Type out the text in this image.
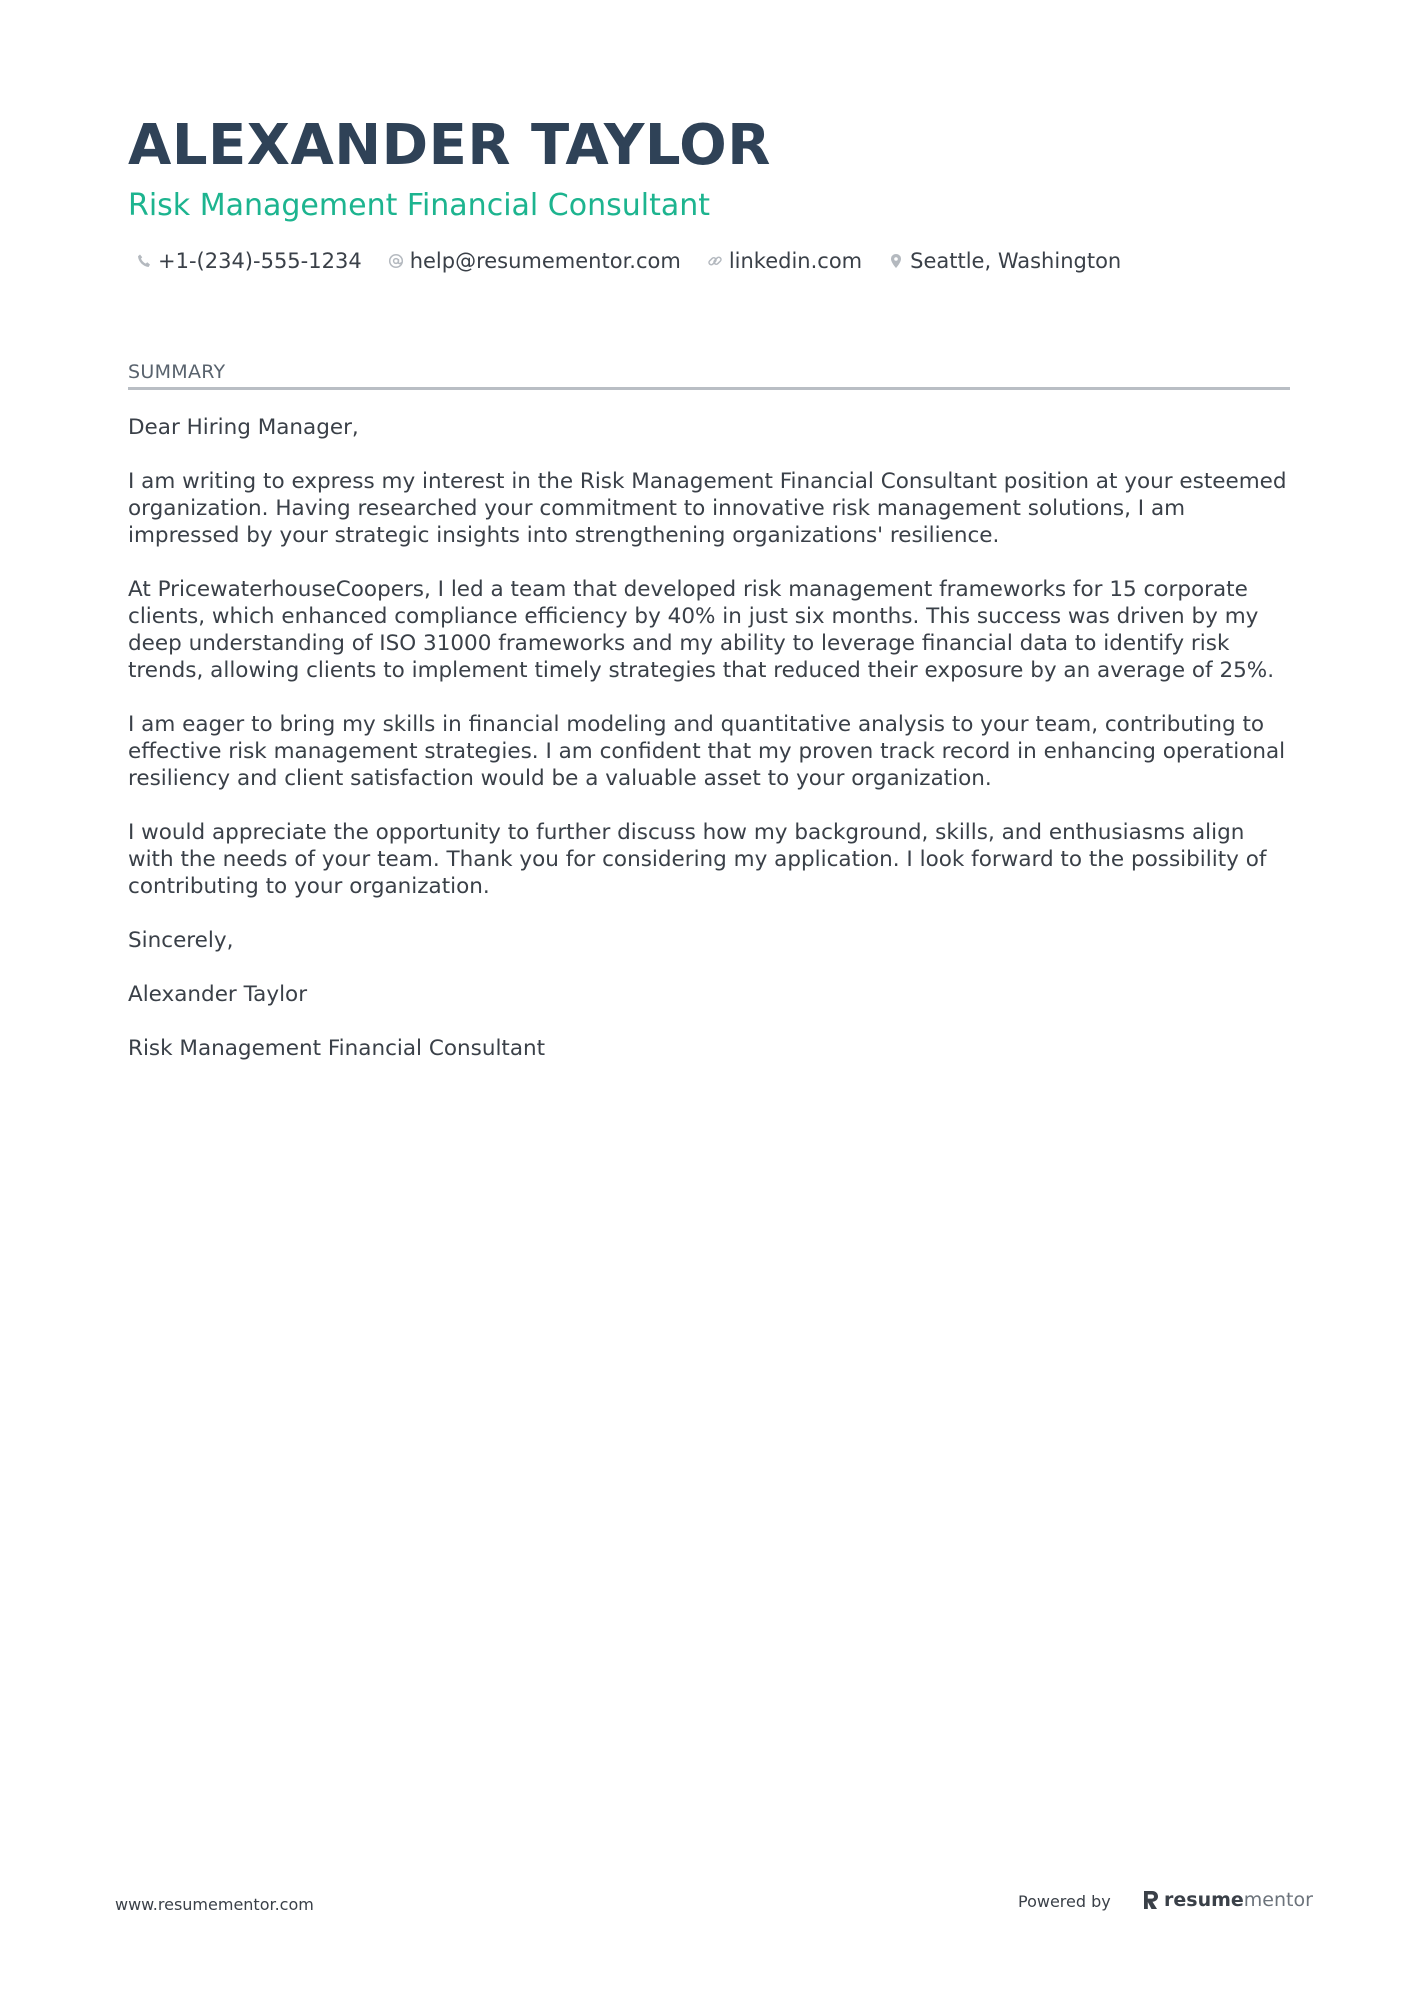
ALEXANDER TAYLOR
Risk Management Financial Consultant
+1-(234)-555-1234 help@resumementor.com linkedin.com Seattle, Washington
SUMMARY

Dear Hiring Manager,

I am writing to express my interest in the Risk Management Financial Consultant position at your esteemed organization. Having researched your commitment to innovative risk management solutions, I am impressed by your strategic insights into strengthening organizations' resilience.

At PricewaterhouseCoopers, I led a team that developed risk management frameworks for 15 corporate clients, which enhanced compliance efficiency by 40% in just six months. This success was driven by my deep understanding of ISO 31000 frameworks and my ability to leverage financial data to identify risk trends, allowing clients to implement timely strategies that reduced their exposure by an average of 25%.

I am eager to bring my skills in financial modeling and quantitative analysis to your team, contributing to effective risk management strategies. I am confident that my proven track record in enhancing operational resiliency and client satisfaction would be a valuable asset to your organization.

I would appreciate the opportunity to further discuss how my background, skills, and enthusiasms align with the needs of your team. Thank you for considering my application. I look forward to the possibility of contributing to your organization.

Sincerely,

Alexander Taylor

Risk Management Financial Consultant

www.resumementor.com	Powered by	resume mentor
